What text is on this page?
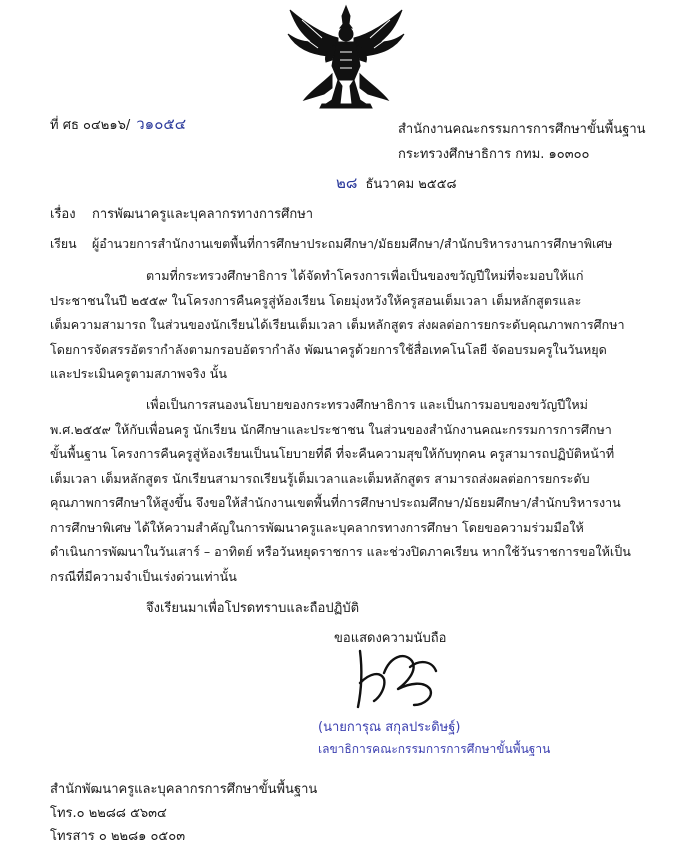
ที่ ศธ ๐๔๒๑๖/ ว๑๐๕๔	สำนักงานคณะกรรมการการศึกษาขั้นพื้นฐาน
กระทรวงศึกษาธิการ กทม. ๑๐๓๐๐
๒๘ ธันวาคม ๒๕๕๘
เรื่อง การพัฒนาครูและบุคลากรทางการศึกษา
เรียน ผู้อำนวยการสำนักงานเขตพื้นที่การศึกษาประถมศึกษา/มัธยมศึกษา/สำนักบริหารงานการศึกษาพิเศษ
ตามที่กระทรวงศึกษาธิการ ได้จัดทำโครงการเพื่อเป็นของขวัญปีใหม่ที่จะมอบให้แก่
ประชาชนในปี ๒๕๕๙ ในโครงการคืนครูสู่ห้องเรียน โดยมุ่งหวังให้ครูสอนเต็มเวลา เต็มหลักสูตรและ
เต็มความสามารถ ในส่วนของนักเรียนได้เรียนเต็มเวลา เต็มหลักสูตร ส่งผลต่อการยกระดับคุณภาพการศึกษา
โดยการจัดสรรอัตรากำลังตามกรอบอัตรากำลัง พัฒนาครูด้วยการใช้สื่อเทคโนโลยี จัดอบรมครูในวันหยุด
และประเมินครูตามสภาพจริง นั้น
เพื่อเป็นการสนองนโยบายของกระทรวงศึกษาธิการ และเป็นการมอบของขวัญปีใหม่
พ.ศ.๒๕๕๙ ให้กับเพื่อนครู นักเรียน นักศึกษาและประชาชน ในส่วนของสำนักงานคณะกรรมการการศึกษา
ขั้นพื้นฐาน โครงการคืนครูสู่ห้องเรียนเป็นนโยบายที่ดี ที่จะคืนความสุขให้กับทุกคน ครูสามารถปฏิบัติหน้าที่
เต็มเวลา เต็มหลักสูตร นักเรียนสามารถเรียนรู้เต็มเวลาและเต็มหลักสูตร สามารถส่งผลต่อการยกระดับ
คุณภาพการศึกษาให้สูงขึ้น จึงขอให้สำนักงานเขตพื้นที่การศึกษาประถมศึกษา/มัธยมศึกษา/สำนักบริหารงาน
การศึกษาพิเศษ ได้ให้ความสำคัญในการพัฒนาครูและบุคลากรทางการศึกษา โดยขอความร่วมมือให้
ดำเนินการพัฒนาในวันเสาร์ – อาทิตย์ หรือวันหยุดราชการ และช่วงปิดภาคเรียน หากใช้วันราชการขอให้เป็น
กรณีที่มีความจำเป็นเร่งด่วนเท่านั้น
จึงเรียนมาเพื่อโปรดทราบและถือปฏิบัติ
ขอแสดงความนับถือ
(นายการุณ สกุลประดิษฐ์)
เลขาธิการคณะกรรมการการศึกษาขั้นพื้นฐาน
สำนักพัฒนาครูและบุคลากรการศึกษาขั้นพื้นฐาน
โทร.๐ ๒๒๘๘ ๕๖๓๔
โทรสาร ๐ ๒๒๘๑ ๐๕๐๓
